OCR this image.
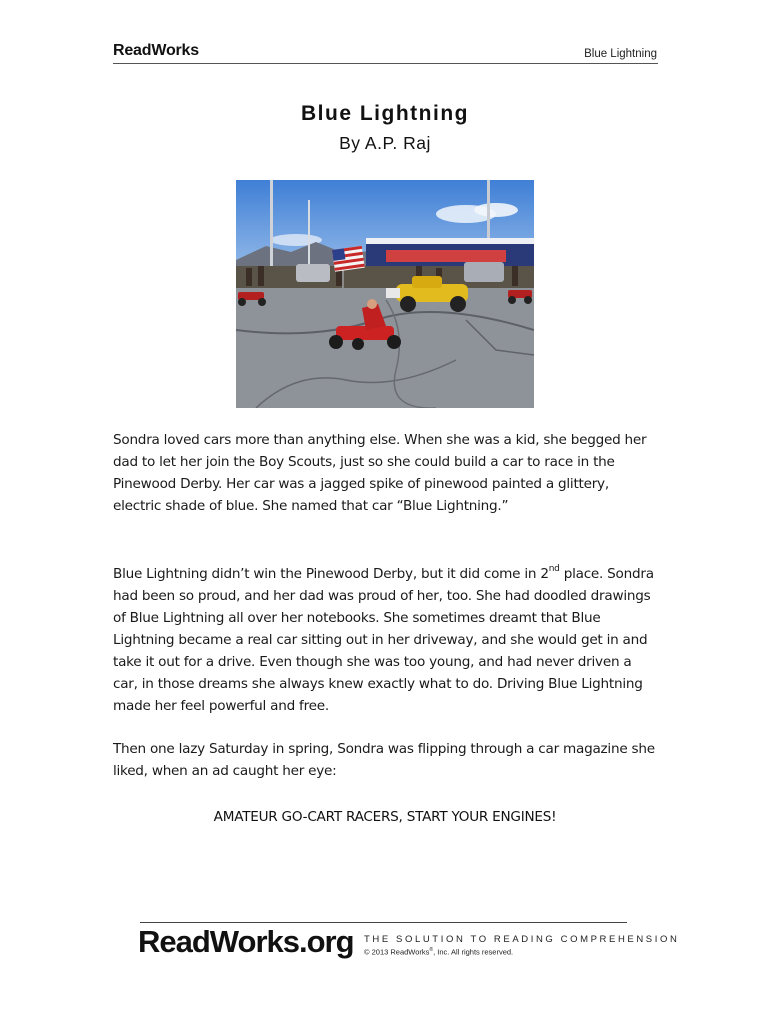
ReadWorks	Blue Lightning
Blue Lightning
By A.P. Raj
Sondra loved cars more than anything else. When she was a kid, she begged her dad to let her join the Boy Scouts, just so she could build a car to race in the Pinewood Derby. Her car was a jagged spike of pinewood painted a glittery, electric shade of blue. She named that car “Blue Lightning.”
Blue Lightning didn’t win the Pinewood Derby, but it did come in 2nd place. Sondra had been so proud, and her dad was proud of her, too. She had doodled drawings of Blue Lightning all over her notebooks. She sometimes dreamt that Blue Lightning became a real car sitting out in her driveway, and she would get in and take it out for a drive. Even though she was too young, and had never driven a car, in those dreams she always knew exactly what to do. Driving Blue Lightning made her feel powerful and free.
Then one lazy Saturday in spring, Sondra was flipping through a car magazine she liked, when an ad caught her eye:
AMATEUR GO-CART RACERS, START YOUR ENGINES!
ReadWorks.org THE SOLUTION TO READING COMPREHENSION
© 2013 ReadWorks®, Inc. All rights reserved.
